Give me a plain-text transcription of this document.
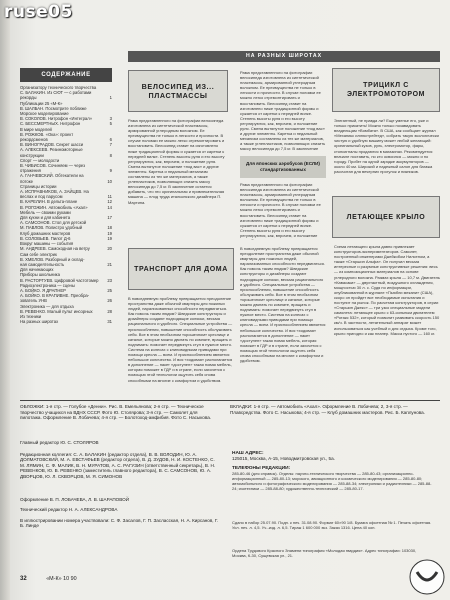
ruse05
СОДЕРЖАНИЕ
Организатору технического творчества
С. БАЛАКИН. Из СЮТ — с работами
рекорды	1
Публикации 25 «М-К»
В. ШАЛБАН. Посмотрите поближе
Морское моделирование
В. СОКОЛОВ. Нитрофон «Интеграл»	3
С. БЕССМЕРТНЫХ. Нитрофон	5
В мире моделей
В. РОЖКОВ. «Ока»: проект
рекордсменов	6
В. ВИНОГРАДОВ. Секрет шасси	7
А. АЛЕКСЕЕВ. Резиномоторные
конструкции	8
Спорт — молодости
В. ЧИБИСОВ. Сочиняем — через
отражения	9
А. ГАНЧЕВСКИЙ. Обтекатели на
потоке	10
Страницы истории
А. ИСПРАВНИКОВ, А. ЗАЙЦЕВ. На
веслах и под парусом	11
В. КАРЕЛИН. В дельта-плане	12
В. РОГОЖИН. Автомобиль «Ахал»	14
Мебель — своими руками
Для кухни и для кабинета	17
А. САМСОНОВ. Стол для детской
М. ПАВЛОВ. Полистро удобный	18
Клуб домашних мастеров	19
В. СОЛОВЬЕВ. Пилот Д-6	19
Вокруг машины — события
М. АНДРЕЕВ. Самоходная на ветру	20
Сам себе электрик
В. ХМЕЛОВ. Разборный и охлад-
ная самодеятельность	21
Для начинающих
Приборы школьника
В. РАСТОРГУЕВ. Цифровой частотомер	23
Радиоэлектроника — сцены
А. БОЙКО. Я ДРАПНЕР	25
А. БОЙКО. В КРАПИВНЕ. Преобра-
зователь УНВ	26
Электроника — для отдыха
В. РЕВЕНКО. Малый пульт инсорных	28
Из техники
На разных широтах	31
НА РАЗНЫХ ШИРОТАХ
ВЕЛОСИПЕД ИЗ... ПЛАСТМАССЫ
Рама представленного на фотографии велосипеда изготовлена из синтетической пластмассы, армированной углеродным волокном. Ее преимущества не только в легкости и прочности. В случае поломки ее можно легко отремонтировать и восстановить. Велосипед ставит на изготовлено ниже традиционной формы и сужается от каретки к передней вилке. Степень высоты руля и его высоту регулируются, как, впрочем, и положение руля. Смена вытянутое положение «под вас» и другие элементы. Каретка и педальный механизм составлены из тех же материалов, а также углепластиков, позволяющих снизить массу велосипеда до 7,5 кг. В заключение остается добавить, что это оригинальная и привлекательная машина — плод труда итальянского дизайнера П. Мартина.
Рама представленного на фотографии велосипеда изготовлена из синтетической пластмассы, армированной углеродным волокном. Ее преимущества не только в легкости и прочности. В случае поломки ее можно легко отремонтировать и восстановить. Велосипед ставит на изготовлено ниже традиционной формы и сужается от каретки к передней вилке. Степень высоты руля и его высоту регулируются, как, впрочем, и положение руля. Смена вытянутое положение «под вас» и другие элементы. Каретка и педальный механизм составлены из тех же материалов, а также углепластиков, позволяющих снизить массу велосипеда до 7,5 кг. В заключение
Для японских аэробусов (ЕСЛИ) стандартизованных
Рама представленного на фотографии велосипеда изготовлена из синтетической пластмассы, армированной углеродным волокном. Ее преимущества не только в легкости и прочности. В случае поломки ее можно легко отремонтировать и восстановить. Велосипед ставит на изготовлено ниже традиционной формы и сужается от каретки к передней вилке. Степень высоты руля и его высоту регулируются, как, впрочем, и положение
ТРИЦИКЛ С ЭЛЕКТРОМОТОРОМ
Элегантный, не правда ли? Еще уменье его, уже и только прикатить! Можно только позавидовать владельцам «Вомбата». В США, как сообщает журнал «Механикс иллюстрейтед», собрать такую экологически чистую и удобную машину может любой желающий: оригинальный кузов, руль, электромотор, фары, стопсигналы продаются в магазинах. Рекомендуется вначале поставить, но кто освоился — можно и по городу. Пробег на одной зарядке аккумуляторов — около 40 км. Широкий и надежный салон для багажа рассчитан для вечерних прогулок и пикников.
ЛЕТАЮЩЕЕ КРЫЛО
Схема летающего крыла давно привлекает конструкторов-экспериментаторов. Самолет, построенный инженерами Джейкобом Нилсеном, а также «Старшип Альфа». Он получил весьма интересные и разумные конструктивные решения: весь — из композиционных материалов на основе углеродного волокна. Размах крыла — 10,7 м. Двигатель «Кавасаки» — двухтактный, воздушного охлаждения, мощностью 30 л. с. Судя по информации, опубликованной в журнале «Пьюбли мекани» (США), скоро он пройдет все необходимые испытания и поступит на рынок. По расчетам конструкторов, в серии «Старшип Джекс» — три узко специальные модели самолета: летающее крыло с 63-сильным двигателем «Ротакс 532», который позволит развивать скорость 150 км/ч. В частности, летательный аппарат может использоваться как учебный и для отдыха. Кроме того, крыло пригодно и как планер. Масса пустого — 160 кг.
ТРАНСПОРТ ДЛЯ ДОМА
В повседневную проблему превращается преодоление пространства даже обычной квартиры для пожилых людей, парализованных способности передвигаться. Как помочь таким людям? Шведские конструкторы и дизайнеры создают подходящие коляски, весьма рационального и удобного. Специальные устройства — приспособления, повышение способность обслуживать себя. Все в этом необычном «крошечном» креслице и каталке, которые можно двигать по комнате, вращать и поднимать: помогает передвинуть стул в нужное место. Система на колесах с клиновидными приводами при помощи кресла — всем. И приспособлением является небольшое количество. И вся «ходовая» располагается в дополнение — пакет «доступен» такая новая мебель, которая поможет в ГДР и в стране, если захочется с помощью этой технологии ощутить себя снова способными на многие с комфортом и удобством.
В повседневную проблему превращается преодоление пространства даже обычной квартиры для пожилых людей, парализованных способности передвигаться. Как помочь таким людям? Шведские конструкторы и дизайнеры создают подходящие коляски, весьма рационального и удобного. Специальные устройства — приспособления, повышение способность обслуживать себя. Все в этом необычном «крошечном» креслице и каталке, которые можно двигать по комнате, вращать и поднимать: помогает передвинуть стул в нужное место. Система на колесах с клиновидными приводами при помощи кресла — всем. И приспособлением является небольшое количество. И вся «ходовая» располагается в дополнение — пакет «доступен» такая новая мебель, которая поможет в ГДР и в стране, если захочется с помощью этой технологии ощутить себя снова способными на многие с комфортом и удобством.
ОБЛОЖКИ: 1-я стр. — Голубое «Денни». Рис. В. Емельянова; 2-я стр. — Техническое творчество учащихся на ВДНХ СССР. Фото Ю. Столярова; 3-я стр. — Самолет для пилотажа. Оформление В. Лобачева; 4-я стр. — Болотоход-амфибия. Фото С. Насыкова.
ВКЛАДКИ: 1-я стр. — Автомобиль «Ахал». Оформление В. Лобачева; 2, 3-я стр. — Плавсредства. Фото С. Насыкова; 4-я стр. — Клуб домашних мастеров. Рис. Б. Каплунова.
Главный редактор Ю. С. СТОЛЯРОВ
Редакционная коллегия: С. А. БАЛАКИН (редактор отдела), В. В. ВОЛОДИН, Ю. А. ДОЛМАТОВСКИЙ, М. А. ЕВСТАФЬЕВ (редактор отдела), В. Д. ЗУДОВ, Н. И. КОСТЕНКО, С. М. ЛЯМИН, С. Ф. МАЛИК, В. Н. МУРАТОВ, А. С. РАГУЗИН (ответственный секретарь), В. Н. РЕВЕНКОВ, Ю. В. РЕВЕНКО (заместитель главного редактора), В. С. САМСОНОВ, Ю. А. ДВОРЦОВ, Ю. Л. СКВОРЦОВ, М. Я. СИМОНОВ
Оформление В. П. ЛОБАЧЕВА, Л. В. ШАРАПОВОЙ
Технический редактор Н. А. АЛЕКСАНДРОВА
В иллюстрировании номера участвовали: С. Ф. Засалов, Г. П. Засласская, Н. А. Кирсанов, Г. Б. Линде
НАШ АДРЕС:
125015, Москва, А-15, Новодмитровская ул., 5а.
ТЕЛЕФОНЫ РЕДАКЦИИ:
285-80-46 (для справок). Отделы: научно-технического творчества — 285-80-43; организационно-информационный — 285-80-13; морского, авиационного и космического моделирования — 285-80-80; автомобильного и фотографического моделирования — 285-88-34; электроники и радиотехники — 285-88-24; изотехники — 285-88-80; художественно-технический — 285-80-17.
Сдано в набор 25.07.90. Подп. к печ. 31.08.90. Формат 60×90 1/8. Бумага офсетная № 1. Печать офсетная. Усл. печ. л. 4,5. Уч.-изд. л. 6,5. Тираж 1 600 000 экз. Заказ 1316. Цена 40 коп.
Ордена Трудового Красного Знамени типография «Молодая гвардия». Адрес типографии: 103030, Москва, К-30, Сущевская ул., 21.
32	«М-К» 10 90
